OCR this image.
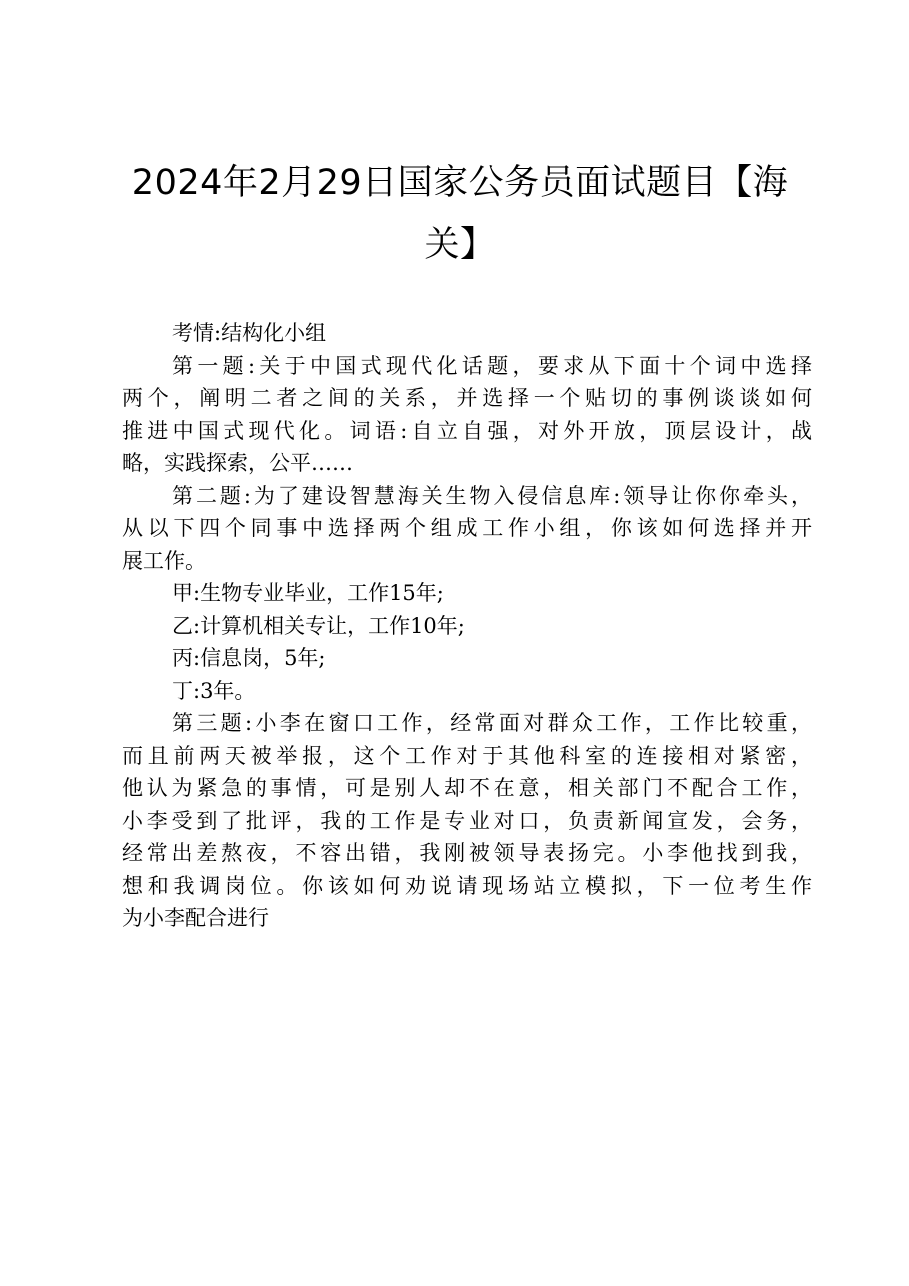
2024年2月29日国家公务员面试题目【海关】

考情:结构化小组

第一题:关于中国式现代化话题，要求从下面十个词中选择

两个，阐明二者之间的关系，并选择一个贴切的事例谈谈如何

推进中国式现代化。词语:自立自强，对外开放，顶层设计，战

略，实践探索，公平……

第二题:为了建设智慧海关生物入侵信息库:领导让你你牵头，

从以下四个同事中选择两个组成工作小组，你该如何选择并开

展工作。

甲:生物专业毕业，工作15年;

乙:计算机相关专让，工作10年;

丙:信息岗，5年;

丁:3年。

第三题:小李在窗口工作，经常面对群众工作，工作比较重，

而且前两天被举报，这个工作对于其他科室的连接相对紧密，

他认为紧急的事情，可是别人却不在意，相关部门不配合工作，

小李受到了批评，我的工作是专业对口，负责新闻宣发，会务，

经常出差熬夜，不容出错，我刚被领导表扬完。小李他找到我，

想和我调岗位。你该如何劝说请现场站立模拟，下一位考生作

为小李配合进行
